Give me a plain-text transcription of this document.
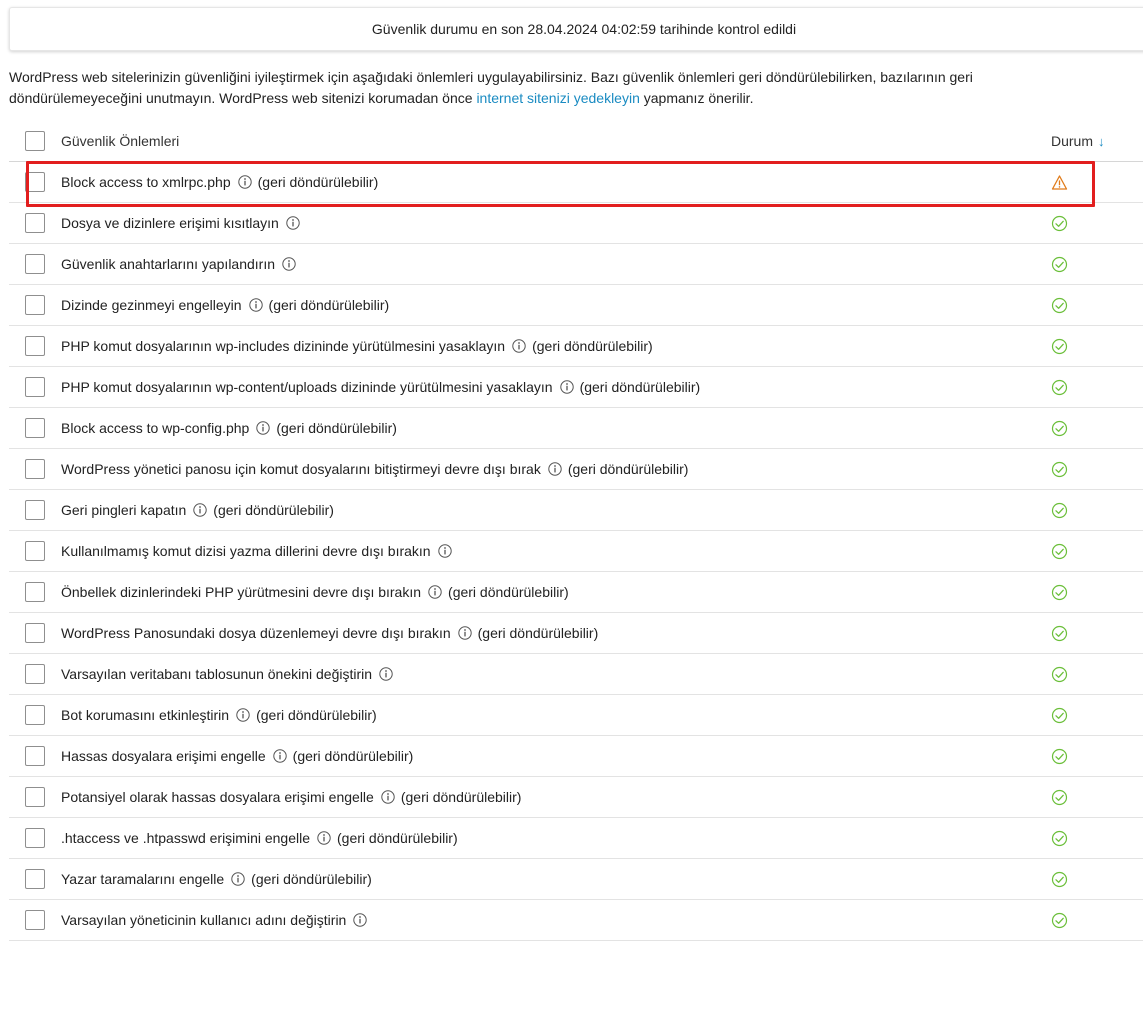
Güvenlik durumu en son 28.04.2024 04:02:59 tarihinde kontrol edildi
WordPress web sitelerinizin güvenliğini iyileştirmek için aşağıdaki önlemleri uygulayabilirsiniz. Bazı güvenlik önlemleri geri döndürülebilirken, bazılarının geri döndürülemeyeceğini unutmayın. WordPress web sitenizi korumadan önce internet sitenizi yedekleyin yapmanız önerilir.
Güvenlik Önlemleri	Durum ↓
Block access to xmlrpc.php (geri döndürülebilir)
Dosya ve dizinlere erişimi kısıtlayın
Güvenlik anahtarlarını yapılandırın
Dizinde gezinmeyi engelleyin (geri döndürülebilir)
PHP komut dosyalarının wp-includes dizininde yürütülmesini yasaklayın (geri döndürülebilir)
PHP komut dosyalarının wp-content/uploads dizininde yürütülmesini yasaklayın (geri döndürülebilir)
Block access to wp-config.php (geri döndürülebilir)
WordPress yönetici panosu için komut dosyalarını bitiştirmeyi devre dışı bırak (geri döndürülebilir)
Geri pingleri kapatın (geri döndürülebilir)
Kullanılmamış komut dizisi yazma dillerini devre dışı bırakın
Önbellek dizinlerindeki PHP yürütmesini devre dışı bırakın (geri döndürülebilir)
WordPress Panosundaki dosya düzenlemeyi devre dışı bırakın (geri döndürülebilir)
Varsayılan veritabanı tablosunun önekini değiştirin
Bot korumasını etkinleştirin (geri döndürülebilir)
Hassas dosyalara erişimi engelle (geri döndürülebilir)
Potansiyel olarak hassas dosyalara erişimi engelle (geri döndürülebilir)
.htaccess ve .htpasswd erişimini engelle (geri döndürülebilir)
Yazar taramalarını engelle (geri döndürülebilir)
Varsayılan yöneticinin kullanıcı adını değiştirin
